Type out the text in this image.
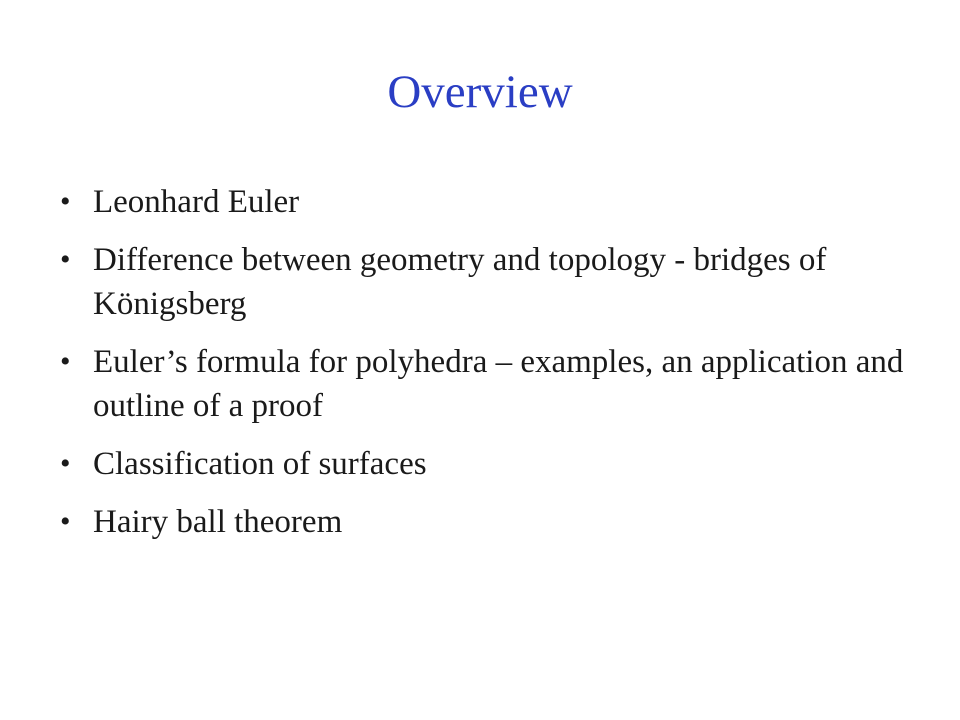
Overview
• Leonhard Euler
• Difference between geometry and topology - bridges of Königsberg
• Euler’s formula for polyhedra – examples, an application and outline of a proof
• Classification of surfaces
• Hairy ball theorem
